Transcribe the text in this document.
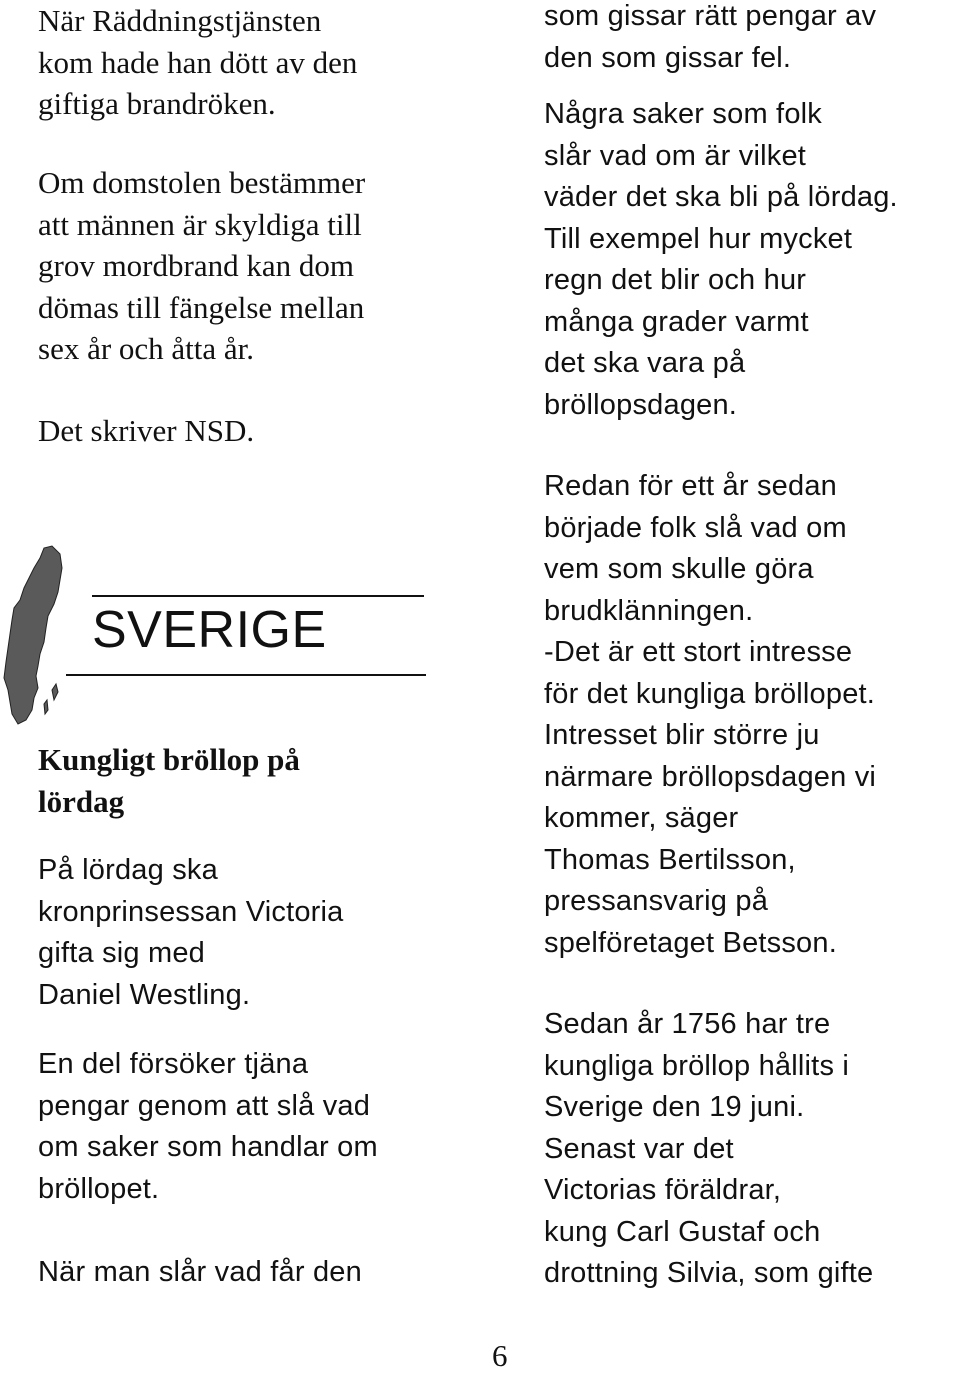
När Räddningstjänsten
kom hade han dött av den
giftiga brandröken.
Om domstolen bestämmer
att männen är skyldiga till
grov mordbrand kan dom
dömas till fängelse mellan
sex år och åtta år.
Det skriver NSD.
SVERIGE
Kungligt bröllop på
lördag
På lördag ska
kronprinsessan Victoria
gifta sig med
Daniel Westling.
En del försöker tjäna
pengar genom att slå vad
om saker som handlar om
bröllopet.
När man slår vad får den
som gissar rätt pengar av
den som gissar fel.
Några saker som folk
slår vad om är vilket
väder det ska bli på lördag.
Till exempel hur mycket
regn det blir och hur
många grader varmt
det ska vara på
bröllopsdagen.
Redan för ett år sedan
började folk slå vad om
vem som skulle göra
brudklänningen.
-Det är ett stort intresse
för det kungliga bröllopet.
Intresset blir större ju
närmare bröllopsdagen vi
kommer, säger
Thomas Bertilsson,
pressansvarig på
spelföretaget Betsson.
Sedan år 1756 har tre
kungliga bröllop hållits i
Sverige den 19 juni.
Senast var det
Victorias föräldrar,
kung Carl Gustaf och
drottning Silvia, som gifte
6
